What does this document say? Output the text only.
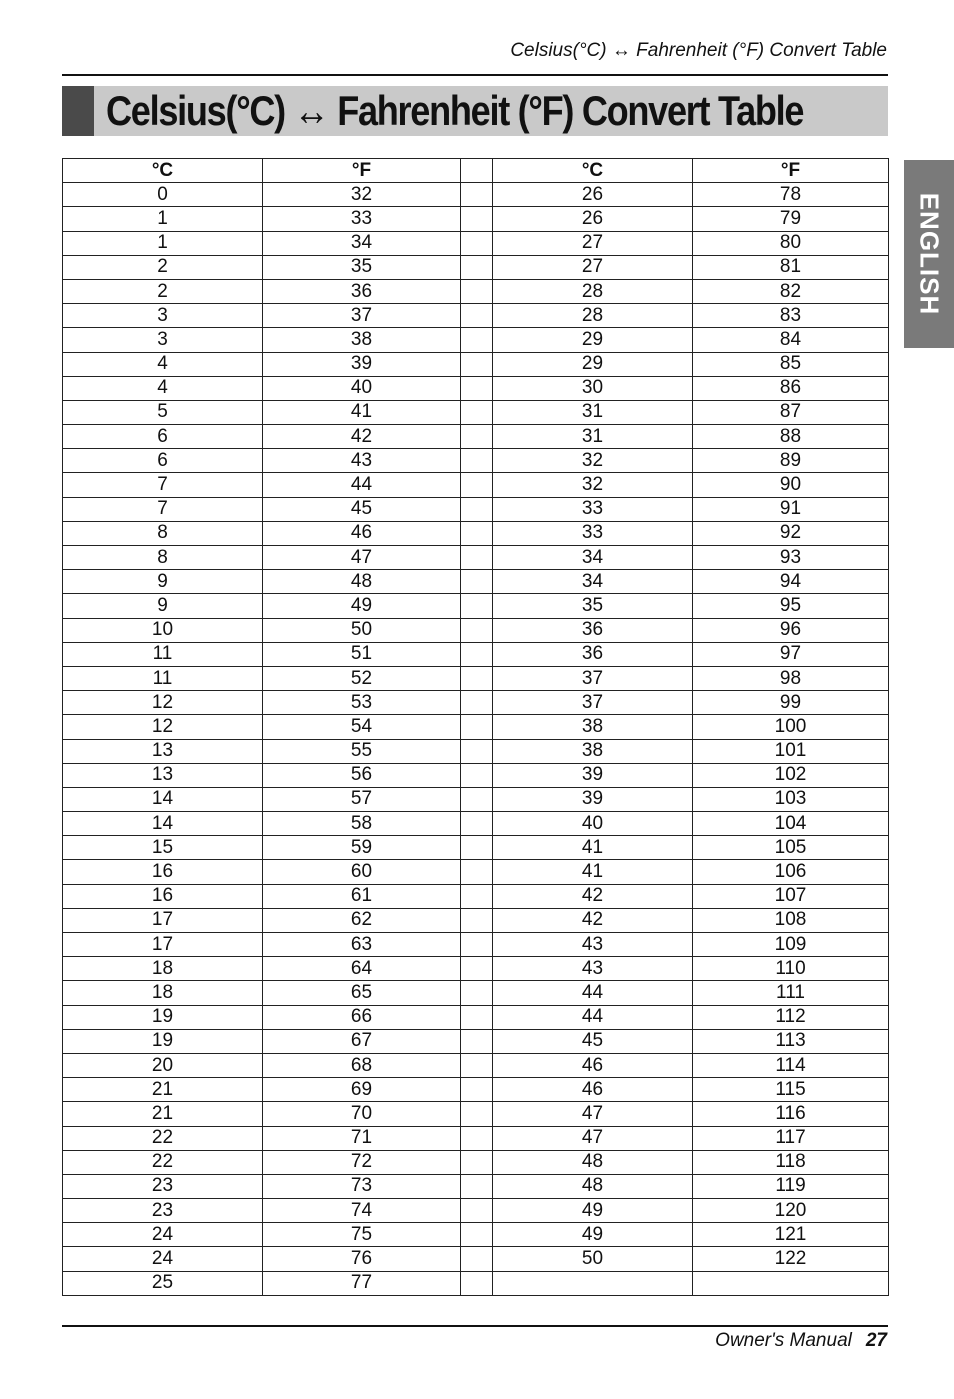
Celsius(°C) ↔ Fahrenheit (°F) Convert Table
Celsius(°C) ↔ Fahrenheit (°F) Convert Table
ENGLISH
°C	°F	
0	32	
1	33	
1	34	
2	35	
2	36	
3	37	
3	38	
4	39	
4	40	
5	41	
6	42	
6	43	
7	44	
7	45	
8	46	
8	47	
9	48	
9	49	
10	50	
11	51	
11	52	
12	53	
12	54	
13	55	
13	56	
14	57	
14	58	
15	59	
16	60	
16	61	
17	62	
17	63	
18	64	
18	65	
19	66	
19	67	
20	68	
21	69	
21	70	
22	71	
22	72	
23	73	
23	74	
24	75	
24	76	
25	77	
°C	°F
26	78
26	79
27	80
27	81
28	82
28	83
29	84
29	85
30	86
31	87
31	88
32	89
32	90
33	91
33	92
34	93
34	94
35	95
36	96
36	97
37	98
37	99
38	100
38	101
39	102
39	103
40	104
41	105
41	106
42	107
42	108
43	109
43	110
44	111
44	112
45	113
46	114
46	115
47	116
47	117
48	118
48	119
49	120
49	121
50	122

Owner's Manual 27
